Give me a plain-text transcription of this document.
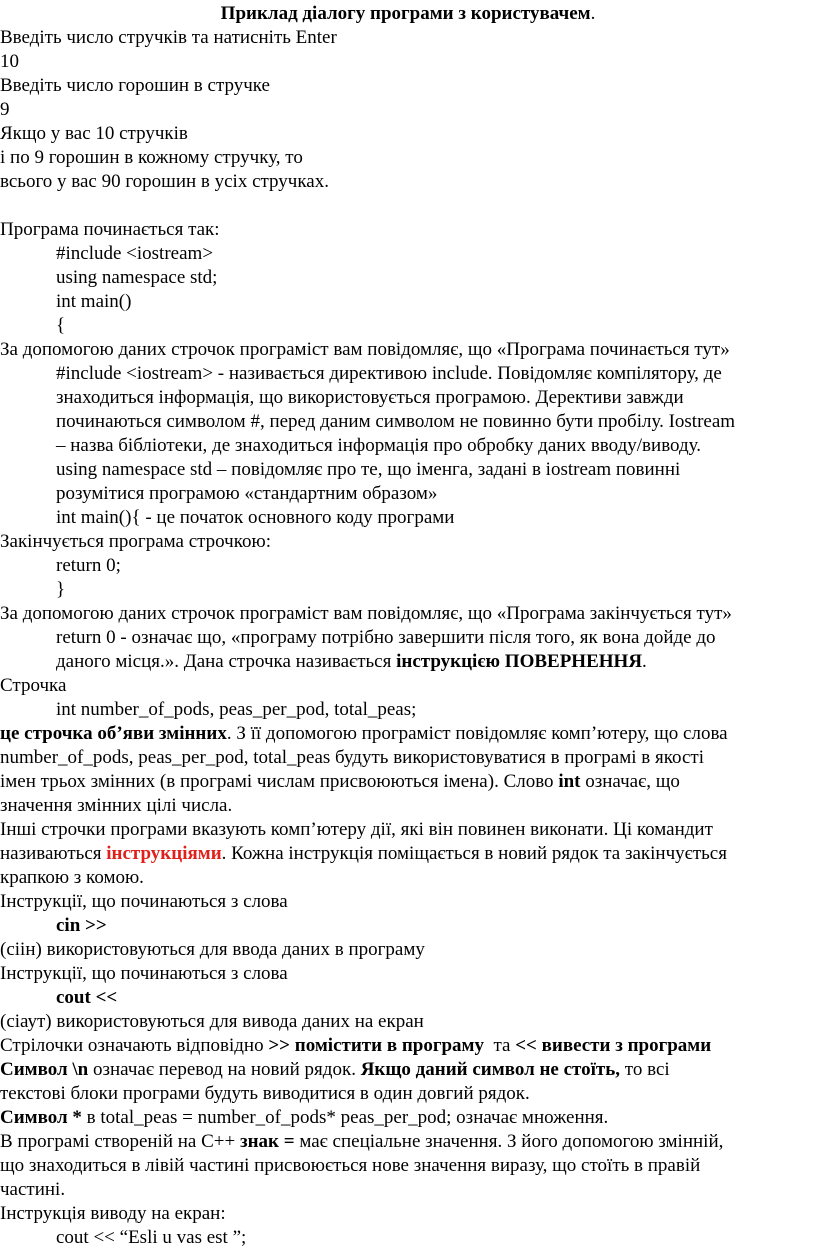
Приклад діалогу програми з користувачем.
Введіть число стручків та натисніть Enter
10
Введіть число горошин в стручке
9
Якщо у вас 10 стручків
і по 9 горошин в кожному стручку, то
всього у вас 90 горошин в усіх стручках.
Програма починається так:
#include <iostream>
using namespace std;
int main()
{
За допомогою даних строчок програміст вам повідомляє, що «Програма починається тут»
#include <iostream> - називається директивою include. Повідомляє компілятору, де
знаходиться інформація, що використовується програмою. Дерективи завжди
починаються символом #, перед даним символом не повинно бути пробілу. Iostream
– назва бібліотеки, де знаходиться інформація про обробку даних вводу/виводу.
using namespace std – повідомляє про те, що іменга, задані в iostream повинні
розумітися програмою «стандартним образом»
int main(){ - це початок основного коду програми
Закінчується програма строчкою:
return 0;
}
За допомогою даних строчок програміст вам повідомляє, що «Програма закінчується тут»
return 0 - означає що, «програму потрібно завершити після того, як вона дойде до
даного місця.». Дана строчка називається інструкцією ПОВЕРНЕННЯ.
Строчка
int number_of_pods, peas_per_pod, total_peas;
це строчка об’яви змінних. З її допомогою програміст повідомляє комп’ютеру, що слова
number_of_pods, peas_per_pod, total_peas будуть використовуватися в програмі в якості
імен трьох змінних (в програмі числам присвоюються імена). Слово int означає, що
значення змінних цілі числа.
Інші строчки програми вказують комп’ютеру дії, які він повинен виконати. Ці командит
називаються інструкціями. Кожна інструкція поміщається в новий рядок та закінчується
крапкою з комою.
Інструкції, що починаються з слова
cin >>
(сіін) використовуються для ввода даних в програму
Інструкції, що починаються з слова
cout <<
(сіаут) використовуються для вивода даних на екран
Стрілочки означають відповідно >> помістити в програму  та << вивести з програми
Символ \n означає перевод на новий рядок. Якщо даний символ не стоїть, то всі
текстові блоки програми будуть виводитися в один довгий рядок.
Символ * в total_peas = number_of_pods* peas_per_pod; означає множення.
В програмі створеній на С++ знак = має спеціальне значення. З його допомогою змінній,
що знаходиться в лівій частині присвоюється нове значення виразу, що стоїть в правій
частині.
Інструкція виводу на екран:
cout << “Esli u vas est ”;
